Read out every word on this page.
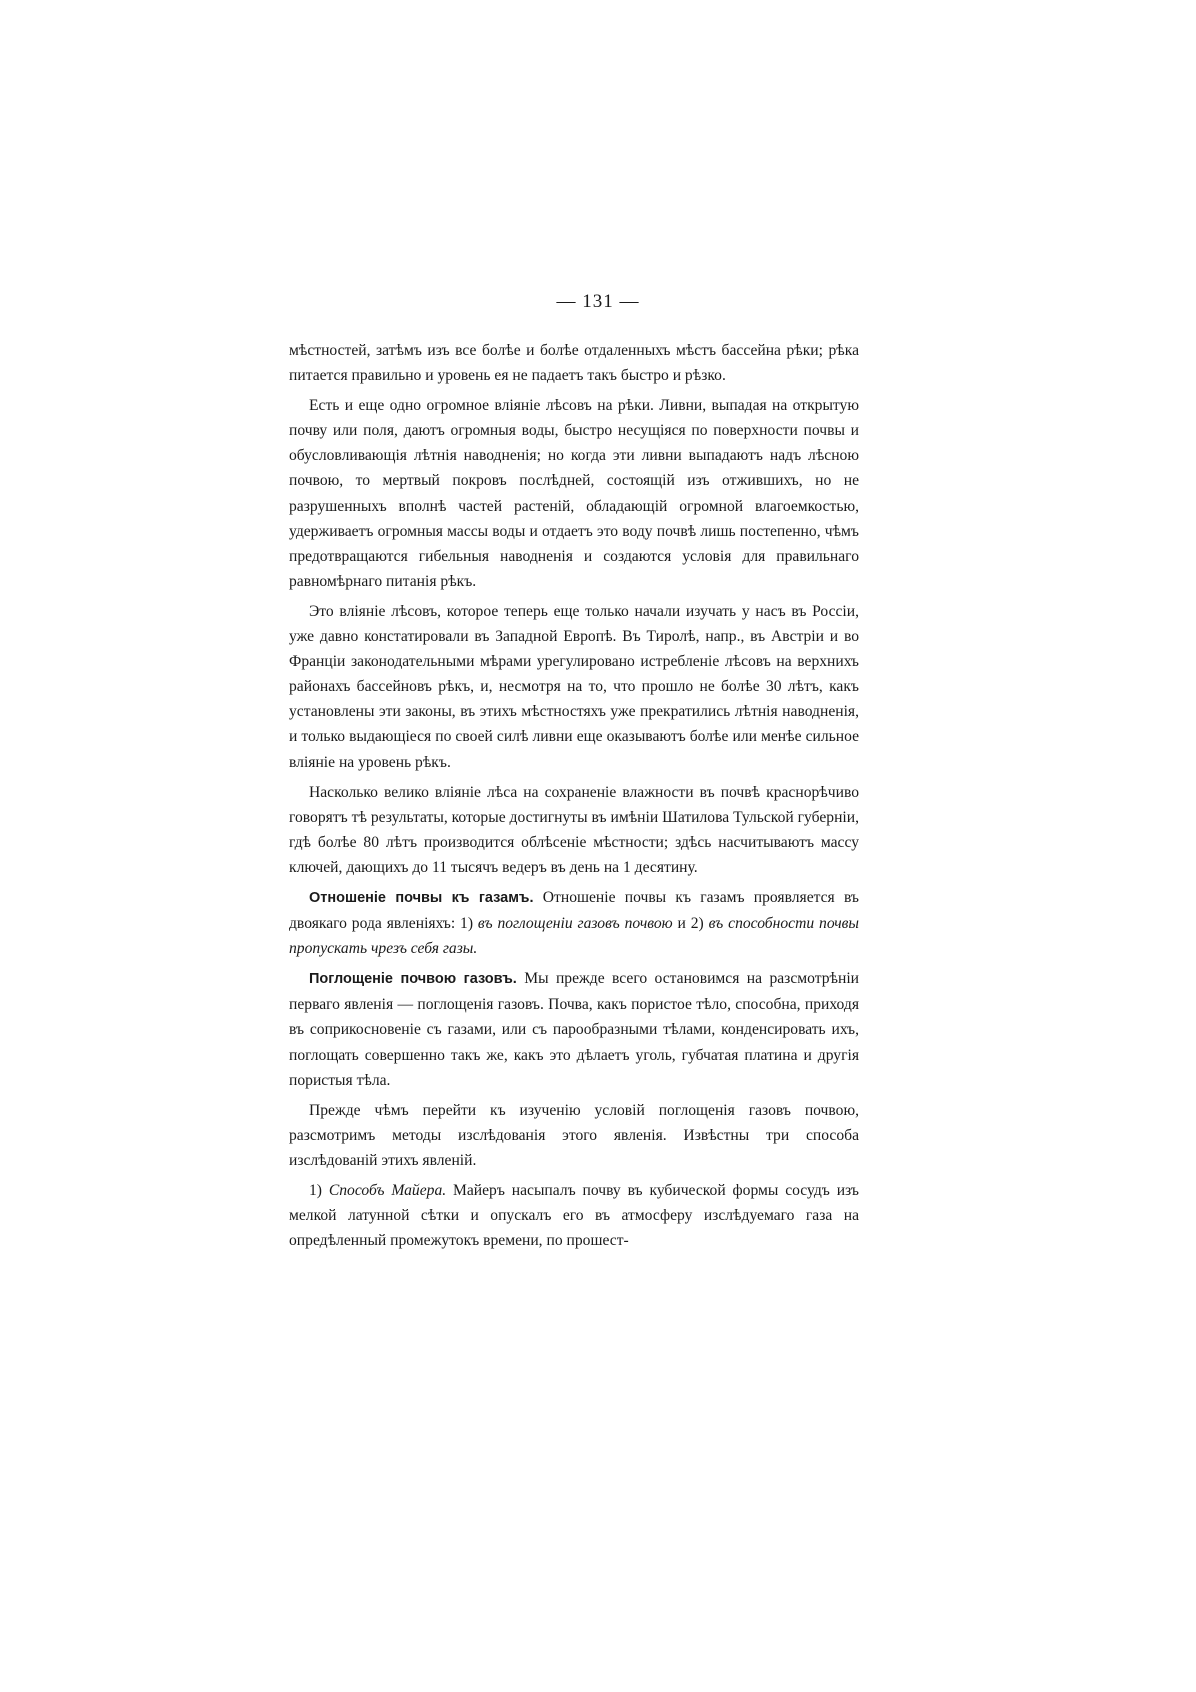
— 131 —

мѣстностей, затѣмъ изъ все болѣе и болѣе отдаленныхъ мѣстъ бассейна рѣки; рѣка питается правильно и уровень ея не падаетъ такъ быстро и рѣзко.

Есть и еще одно огромное вліяніе лѣсовъ на рѣки. Ливни, выпадая на открытую почву или поля, даютъ огромныя воды, быстро несущіяся по поверхности почвы и обусловливающія лѣтнія наводненія; но когда эти ливни выпадаютъ надъ лѣсною почвою, то мертвый покровъ послѣдней, состоящій изъ отжившихъ, но не разрушенныхъ вполнѣ частей растеній, обладающій огромной влагоемкостью, удерживаетъ огромныя массы воды и отдаетъ это воду почвѣ лишь постепенно, чѣмъ предотвращаются гибельныя наводненія и создаются условія для правильнаго равномѣрнаго питанія рѣкъ.

Это вліяніе лѣсовъ, которое теперь еще только начали изучать у насъ въ Россіи, уже давно констатировали въ Западной Европѣ. Въ Тиролѣ, напр., въ Австріи и во Франціи законодательными мѣрами урегулировано истребленіе лѣсовъ на верхнихъ районахъ бассейновъ рѣкъ, и, несмотря на то, что прошло не болѣе 30 лѣтъ, какъ установлены эти законы, въ этихъ мѣстностяхъ уже прекратились лѣтнія наводненія, и только выдающіеся по своей силѣ ливни еще оказываютъ болѣе или менѣе сильное вліяніе на уровень рѣкъ.

Насколько велико вліяніе лѣса на сохраненіе влажности въ почвѣ краснорѣчиво говорятъ тѣ результаты, которые достигнуты въ имѣніи Шатилова Тульской губерніи, гдѣ болѣе 80 лѣтъ производится облѣсеніе мѣстности; здѣсь насчитываютъ массу ключей, дающихъ до 11 тысячъ ведеръ въ день на 1 десятину.

Отношеніе почвы къ газамъ. Отношеніе почвы къ газамъ проявляется въ двоякаго рода явленіяхъ: 1) въ поглощеніи газовъ почвою и 2) въ способности почвы пропускать чрезъ себя газы.

Поглощеніе почвою газовъ. Мы прежде всего остановимся на разсмотрѣніи перваго явленія — поглощенія газовъ. Почва, какъ пористое тѣло, способна, приходя въ соприкосновеніе съ газами, или съ парообразными тѣлами, конденсировать ихъ, поглощать совершенно такъ же, какъ это дѣлаетъ уголь, губчатая платина и другія пористыя тѣла.

Прежде чѣмъ перейти къ изученію условій поглощенія газовъ почвою, разсмотримъ методы изслѣдованія этого явленія. Извѣстны три способа изслѣдованій этихъ явленій.

1) Способъ Майера. Майеръ насыпалъ почву въ кубической формы сосудъ изъ мелкой латунной сѣтки и опускалъ его въ атмосферу изслѣдуемаго газа на опредѣленный промежутокъ времени, по прошест-
